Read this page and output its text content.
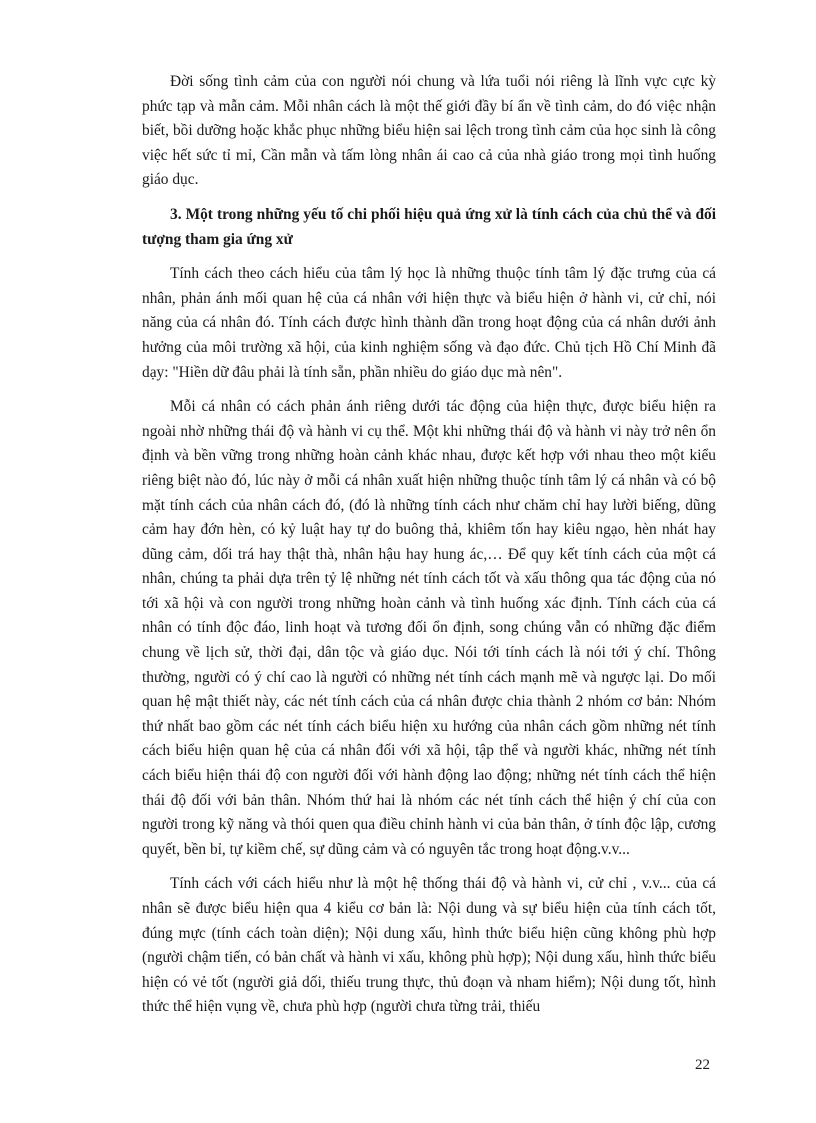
Đời sống tình cảm của con người nói chung và lứa tuổi nói riêng là lĩnh vực cực kỳ phức tạp và mẫn cảm. Mỗi nhân cách là một thế giới đầy bí ẩn về tình cảm, do đó việc nhận biết, bồi dưỡng hoặc khắc phục những biểu hiện sai lệch trong tình cảm của học sinh là công việc hết sức tỉ mỉ, Cần mẫn và tấm lòng nhân ái cao cả của nhà giáo trong mọi tình huống giáo dục.

3. Một trong những yếu tố chi phối hiệu quả ứng xử là tính cách của chủ thể và đối tượng tham gia ứng xử

Tính cách theo cách hiểu của tâm lý học là những thuộc tính tâm lý đặc trưng của cá nhân, phản ánh mối quan hệ của cá nhân với hiện thực và biểu hiện ở hành vi, cử chỉ, nói năng của cá nhân đó. Tính cách được hình thành dần trong hoạt động của cá nhân dưới ảnh hưởng của môi trường xã hội, của kinh nghiệm sống và đạo đức. Chủ tịch Hồ Chí Minh đã dạy: "Hiền dữ đâu phải là tính sẵn, phần nhiều do giáo dục mà nên".

Mỗi cá nhân có cách phản ánh riêng dưới tác động của hiện thực, được biểu hiện ra ngoài nhờ những thái độ và hành vi cụ thể. Một khi những thái độ và hành vi này trở nên ổn định và bền vững trong những hoàn cảnh khác nhau, được kết hợp với nhau theo một kiểu riêng biệt nào đó, lúc này ở mỗi cá nhân xuất hiện những thuộc tính tâm lý cá nhân và có bộ mặt tính cách của nhân cách đó, (đó là những tính cách như chăm chỉ hay lười biếng, dũng cảm hay đớn hèn, có kỷ luật hay tự do buông thả, khiêm tốn hay kiêu ngạo, hèn nhát hay dũng cảm, dối trá hay thật thà, nhân hậu hay hung ác,… Để quy kết tính cách của một cá nhân, chúng ta phải dựa trên tỷ lệ những nét tính cách tốt và xấu thông qua tác động của nó tới xã hội và con người trong những hoàn cảnh và tình huống xác định. Tính cách của cá nhân có tính độc đáo, linh hoạt và tương đối ổn định, song chúng vẫn có những đặc điểm chung về lịch sử, thời đại, dân tộc và giáo dục. Nói tới tính cách là nói tới ý chí. Thông thường, người có ý chí cao là người có những nét tính cách mạnh mẽ và ngược lại. Do mối quan hệ mật thiết này, các nét tính cách của cá nhân được chia thành 2 nhóm cơ bản: Nhóm thứ nhất bao gồm các nét tính cách biểu hiện xu hướng của nhân cách gồm những nét tính cách biểu hiện quan hệ của cá nhân đối với xã hội, tập thể và người khác, những nét tính cách biểu hiện thái độ con người đối với hành động lao động; những nét tính cách thể hiện thái độ đối với bản thân. Nhóm thứ hai là nhóm các nét tính cách thể hiện ý chí của con người trong kỹ năng và thói quen qua điều chỉnh hành vi của bản thân, ở tính độc lập, cương quyết, bền bỉ, tự kiềm chế, sự dũng cảm và có nguyên tắc trong hoạt động.v.v...

Tính cách với cách hiểu như là một hệ thống thái độ và hành vi, cử chỉ , v.v... của cá nhân sẽ được biểu hiện qua 4 kiểu cơ bản là: Nội dung và sự biểu hiện của tính cách tốt, đúng mực (tính cách toàn diện); Nội dung xấu, hình thức biểu hiện cũng không phù hợp (người chậm tiến, có bản chất và hành vi xấu, không phù hợp); Nội dung xấu, hình thức biểu hiện có vẻ tốt (người giả dối, thiếu trung thực, thủ đoạn và nham hiểm); Nội dung tốt, hình thức thể hiện vụng về, chưa phù hợp (người chưa từng trải, thiếu

22
